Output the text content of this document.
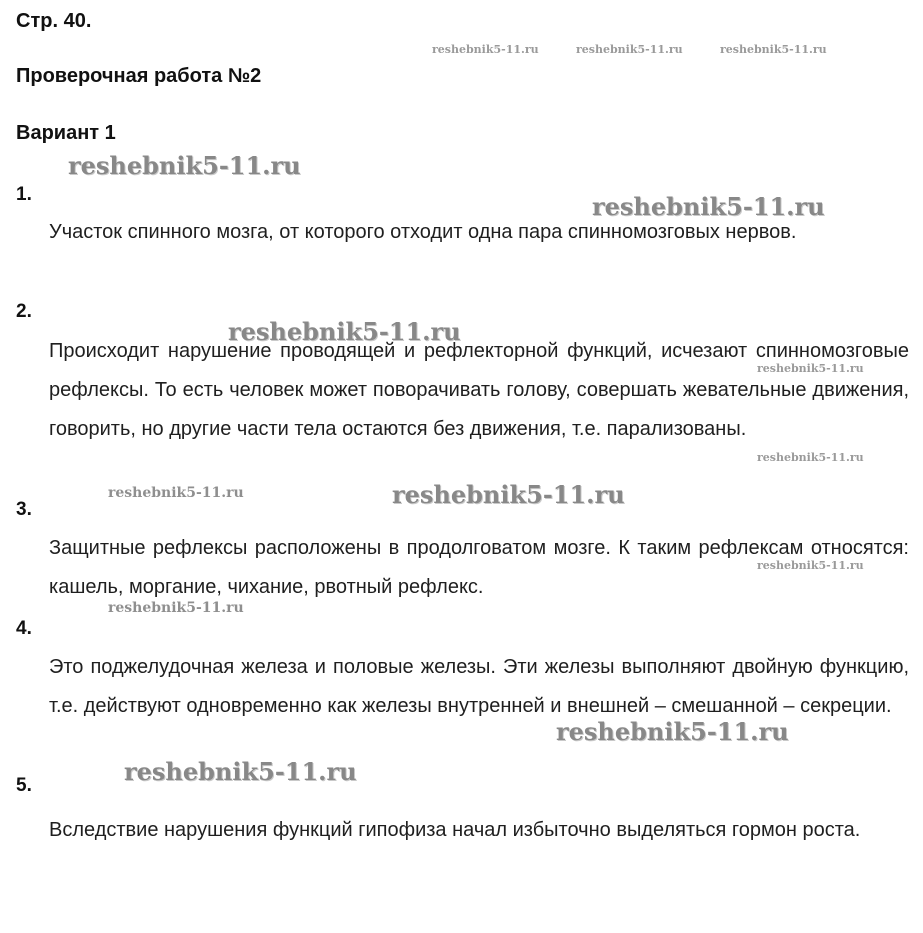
Стр. 40.
Проверочная работа №2
Вариант 1
1.

Участок спинного мозга, от которого отходит одна пара спинномозговых нервов.

2.

Происходит нарушение проводящей и рефлекторной функций, исчезают спинномозговые рефлексы. То есть человек может поворачивать голову, совершать жевательные движения, говорить, но другие части тела остаются без движения, т.е. парализованы.

3.

Защитные рефлексы расположены в продолговатом мозге. К таким рефлексам относятся: кашель, моргание, чихание, рвотный рефлекс.

4.

Это поджелудочная железа и половые железы. Эти железы выполняют двойную функцию, т.е. действуют одновременно как железы внутренней и внешней – смешанной – секреции.

5.

Вследствие нарушения функций гипофиза начал избыточно выделяться гормон роста.

reshebnik5-11.ru	reshebnik5-11.ru	reshebnik5-11.ru
reshebnik5-11.ru
reshebnik5-11.ru
reshebnik5-11.ru
reshebnik5-11.ru
reshebnik5-11.ru
reshebnik5-11.ru	reshebnik5-11.ru
reshebnik5-11.ru
reshebnik5-11.ru
reshebnik5-11.ru
reshebnik5-11.ru
